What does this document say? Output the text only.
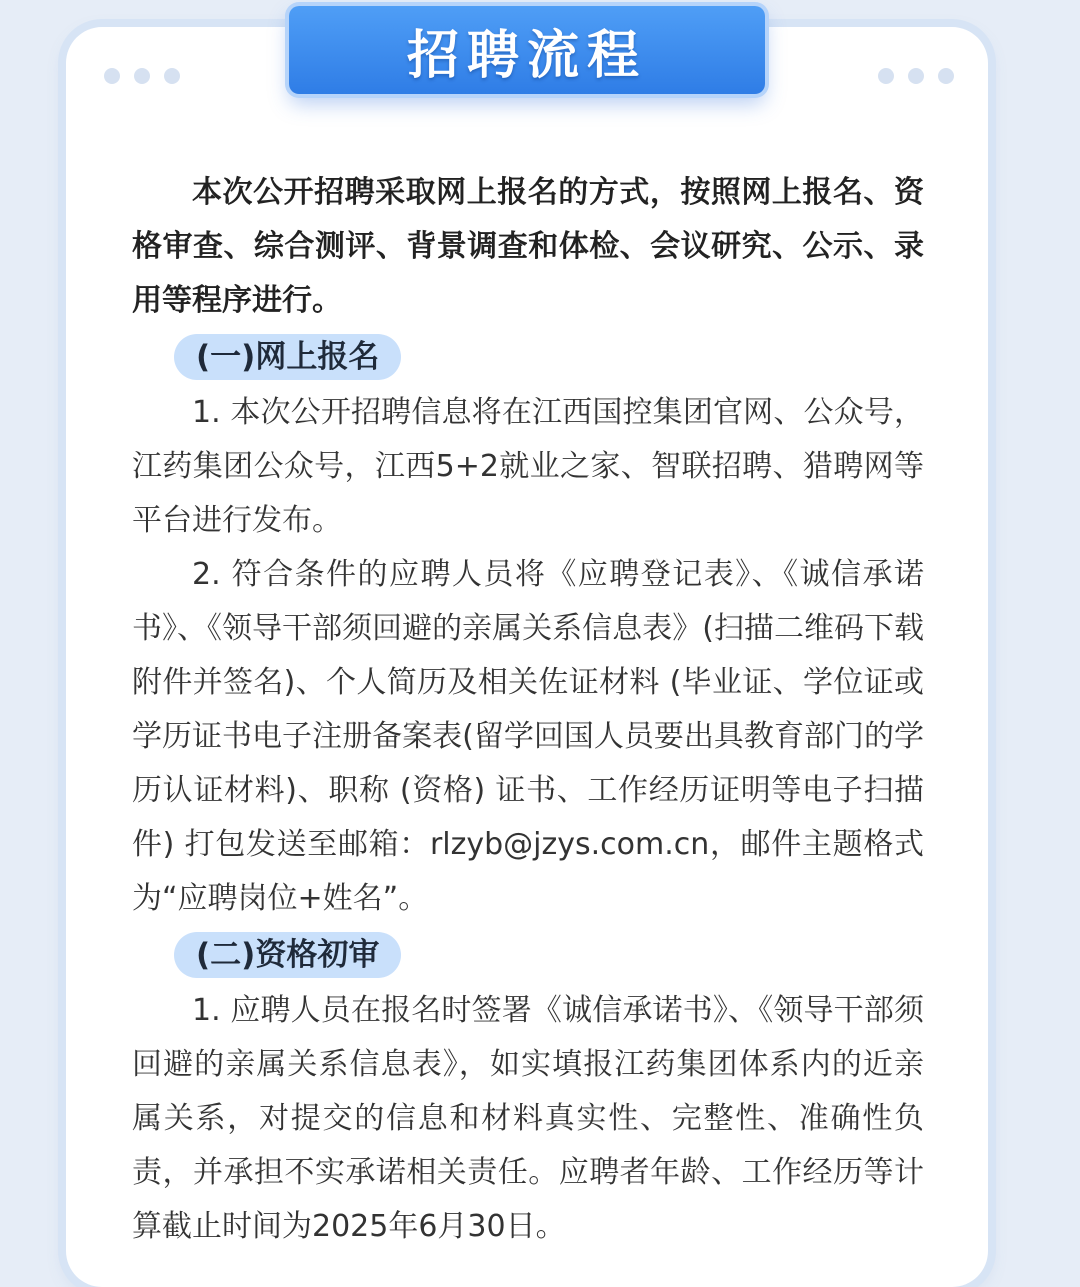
招聘流程

本次公开招聘采取网上报名的方式，按照网上报名、资格审查、综合测评、背景调查和体检、会议研究、公示、录用等程序进行。

(一)网上报名

1. 本次公开招聘信息将在江西国控集团官网、公众号，江药集团公众号，江西5+2就业之家、智联招聘、猎聘网等平台进行发布。

2. 符合条件的应聘人员将《应聘登记表》、《诚信承诺书》、《领导干部须回避的亲属关系信息表》(扫描二维码下载附件并签名)、个人简历及相关佐证材料 (毕业证、学位证或学历证书电子注册备案表(留学回国人员要出具教育部门的学历认证材料)、职称 (资格) 证书、工作经历证明等电子扫描件) 打包发送至邮箱：rlzyb@jzys.com.cn，邮件主题格式为“应聘岗位+姓名”。

(二)资格初审

1. 应聘人员在报名时签署《诚信承诺书》、《领导干部须回避的亲属关系信息表》，如实填报江药集团体系内的近亲属关系，对提交的信息和材料真实性、完整性、准确性负责，并承担不实承诺相关责任。应聘者年龄、工作经历等计算截止时间为2025年6月30日。
